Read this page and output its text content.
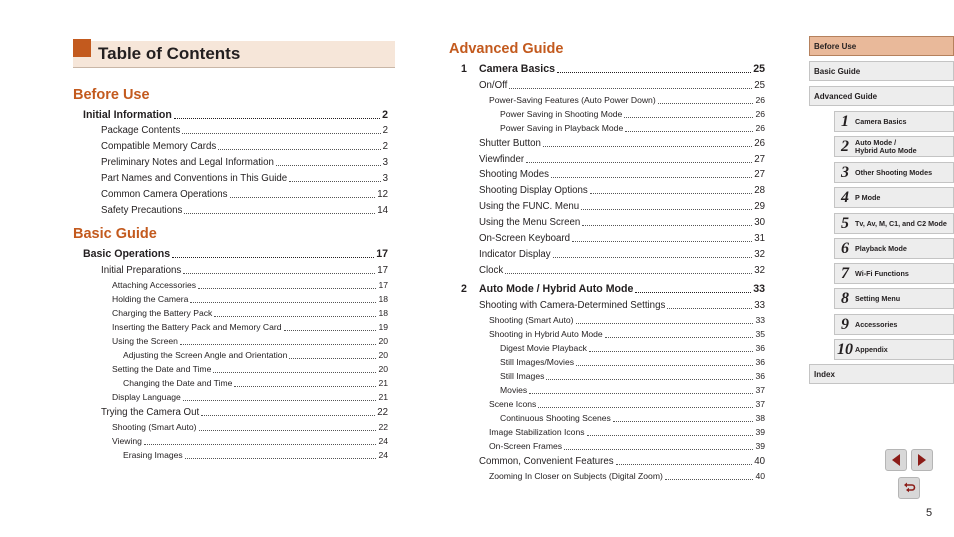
Table of Contents
Before Use
Initial Information	2
Package Contents	2
Compatible Memory Cards	2
Preliminary Notes and Legal Information	3
Part Names and Conventions in This Guide	3
Common Camera Operations	12
Safety Precautions	14
Basic Guide
Basic Operations	17
Initial Preparations	17
Attaching Accessories	17
Holding the Camera	18
Charging the Battery Pack	18
Inserting the Battery Pack and Memory Card	19
Using the Screen	20
Adjusting the Screen Angle and Orientation	20
Setting the Date and Time	20
Changing the Date and Time	21
Display Language	21
Trying the Camera Out	22
Shooting (Smart Auto)	22
Viewing	24
Erasing Images	24
Advanced Guide
1 Camera Basics	25
On/Off	25
Power-Saving Features (Auto Power Down)	26
Power Saving in Shooting Mode	26
Power Saving in Playback Mode	26
Shutter Button	26
Viewfinder	27
Shooting Modes	27
Shooting Display Options	28
Using the FUNC. Menu	29
Using the Menu Screen	30
On-Screen Keyboard	31
Indicator Display	32
Clock	32
2 Auto Mode / Hybrid Auto Mode	33
Shooting with Camera-Determined Settings	33
Shooting (Smart Auto)	33
Shooting in Hybrid Auto Mode	35
Digest Movie Playback	36
Still Images/Movies	36
Still Images	36
Movies	37
Scene Icons	37
Continuous Shooting Scenes	38
Image Stabilization Icons	39
On-Screen Frames	39
Common, Convenient Features	40
Zooming In Closer on Subjects (Digital Zoom)	40
Before Use
Basic Guide
Advanced Guide
1 Camera Basics
2 Auto Mode /
Hybrid Auto Mode
3 Other Shooting Modes
4 P Mode
5 Tv, Av, M, C1, and C2 Mode
6 Playback Mode
7 Wi-Fi Functions
8 Setting Menu
9 Accessories
10 Appendix
Index
5
